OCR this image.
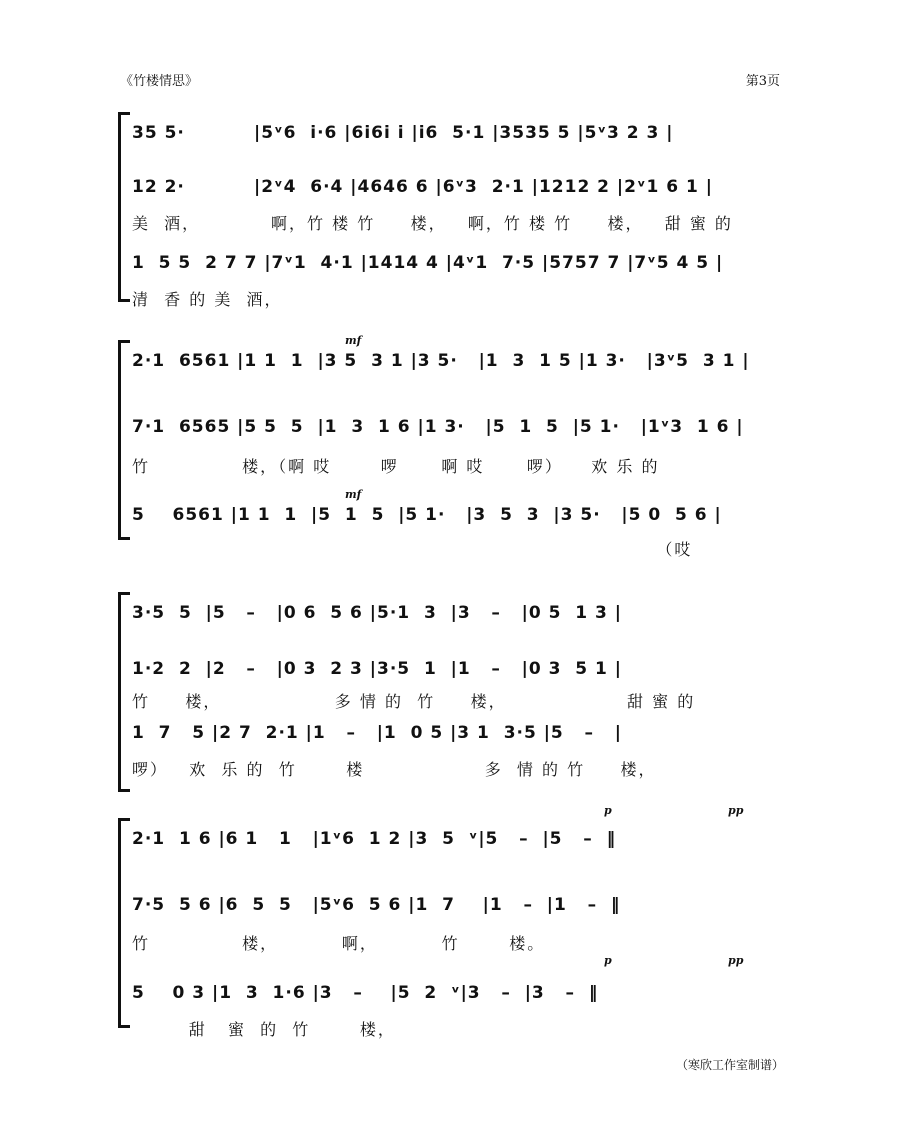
《竹楼情思》	第3页
35 5·          |5ᵛ6  i·6 |6i6i i |i6  5·1 |3535 5 |5ᵛ3 2 3 |
12 2·          |2ᵛ4  6·4 |4646 6 |6ᵛ3  2·1 |1212 2 |2ᵛ1 6 1 |
美  酒，          啊，竹 楼 竹     楼，   啊，竹 楼 竹     楼，   甜 蜜 的
1  5 5  2 7 7 |7ᵛ1  4·1 |1414 4 |4ᵛ1  7·5 |5757 7 |7ᵛ5 4 5 |
清  香 的 美  酒，
mf
2·1  6561 |1 1  1  |3 5  3 1 |3 5·   |1  3  1 5 |1 3·   |3ᵛ5  3 1 |
7·1  6565 |5 5  5  |1  3  1 6 |1 3·   |5  1  5  |5 1·   |1ᵛ3  1 6 |
竹             楼，（啊 哎       啰      啊 哎      啰）    欢 乐 的
mf
5    6561 |1 1  1  |5  1  5  |5 1·   |3  5  3  |3 5·   |5 0  5 6 |
（哎
3·5  5  |5   –   |0 6  5 6 |5·1  3  |3   –   |0 5  1 3 |
1·2  2  |2   –   |0 3  2 3 |3·5  1  |1   –   |0 3  5 1 |
竹     楼，                多 情 的  竹     楼，                 甜 蜜 的
1  7   5 |2 7  2·1 |1   –   |1  0 5 |3 1  3·5 |5   –   |
啰）   欢  乐 的  竹       楼                 多  情 的 竹     楼，
p	pp
2·1  1 6 |6 1   1   |1ᵛ6  1 2 |3  5  ᵛ|5   –  |5   –  ‖
7·5  5 6 |6  5  5   |5ᵛ6  5 6 |1  7    |1   –  |1   –  ‖
竹             楼，         啊，         竹       楼。
p	pp
5    0 3 |1  3  1·6 |3   –    |5  2  ᵛ|3   –  |3   –  ‖
甜   蜜  的  竹       楼，
（寒欣工作室制谱）
